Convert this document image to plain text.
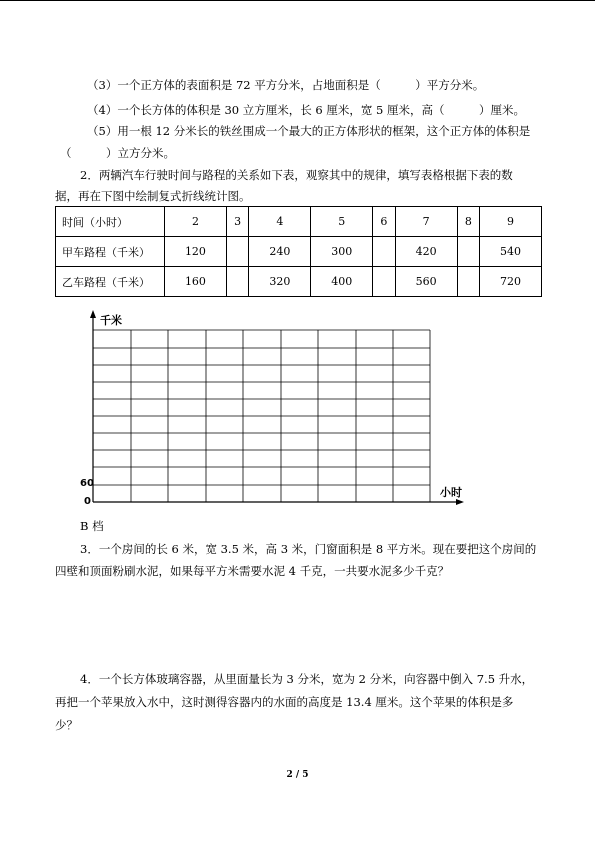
（3）一个正方体的表面积是 72 平方分米，占地面积是（　　　）平方分米。
（4）一个长方体的体积是 30 立方厘米，长 6 厘米，宽 5 厘米，高（　　　）厘米。
（5）用一根 12 分米长的铁丝围成一个最大的正方体形状的框架，这个正方体的体积是
（　　　）立方分米。
2．两辆汽车行驶时间与路程的关系如下表，观察其中的规律，填写表格根据下表的数
据，再在下图中绘制复式折线统计图。
时间（小时）	2	3	4	5	6	7	8	9
甲车路程（千米）	120		240	300		420		540
乙车路程（千米）	160		320	400		560		720
千米
小时
60
0
B 档
3．一个房间的长 6 米，宽 3.5 米，高 3 米，门窗面积是 8 平方米。现在要把这个房间的
四壁和顶面粉刷水泥，如果每平方米需要水泥 4 千克，一共要水泥多少千克？
4．一个长方体玻璃容器，从里面量长为 3 分米，宽为 2 分米，向容器中倒入 7.5 升水，
再把一个苹果放入水中，这时测得容器内的水面的高度是 13.4 厘米。这个苹果的体积是多
少？
2 / 5
